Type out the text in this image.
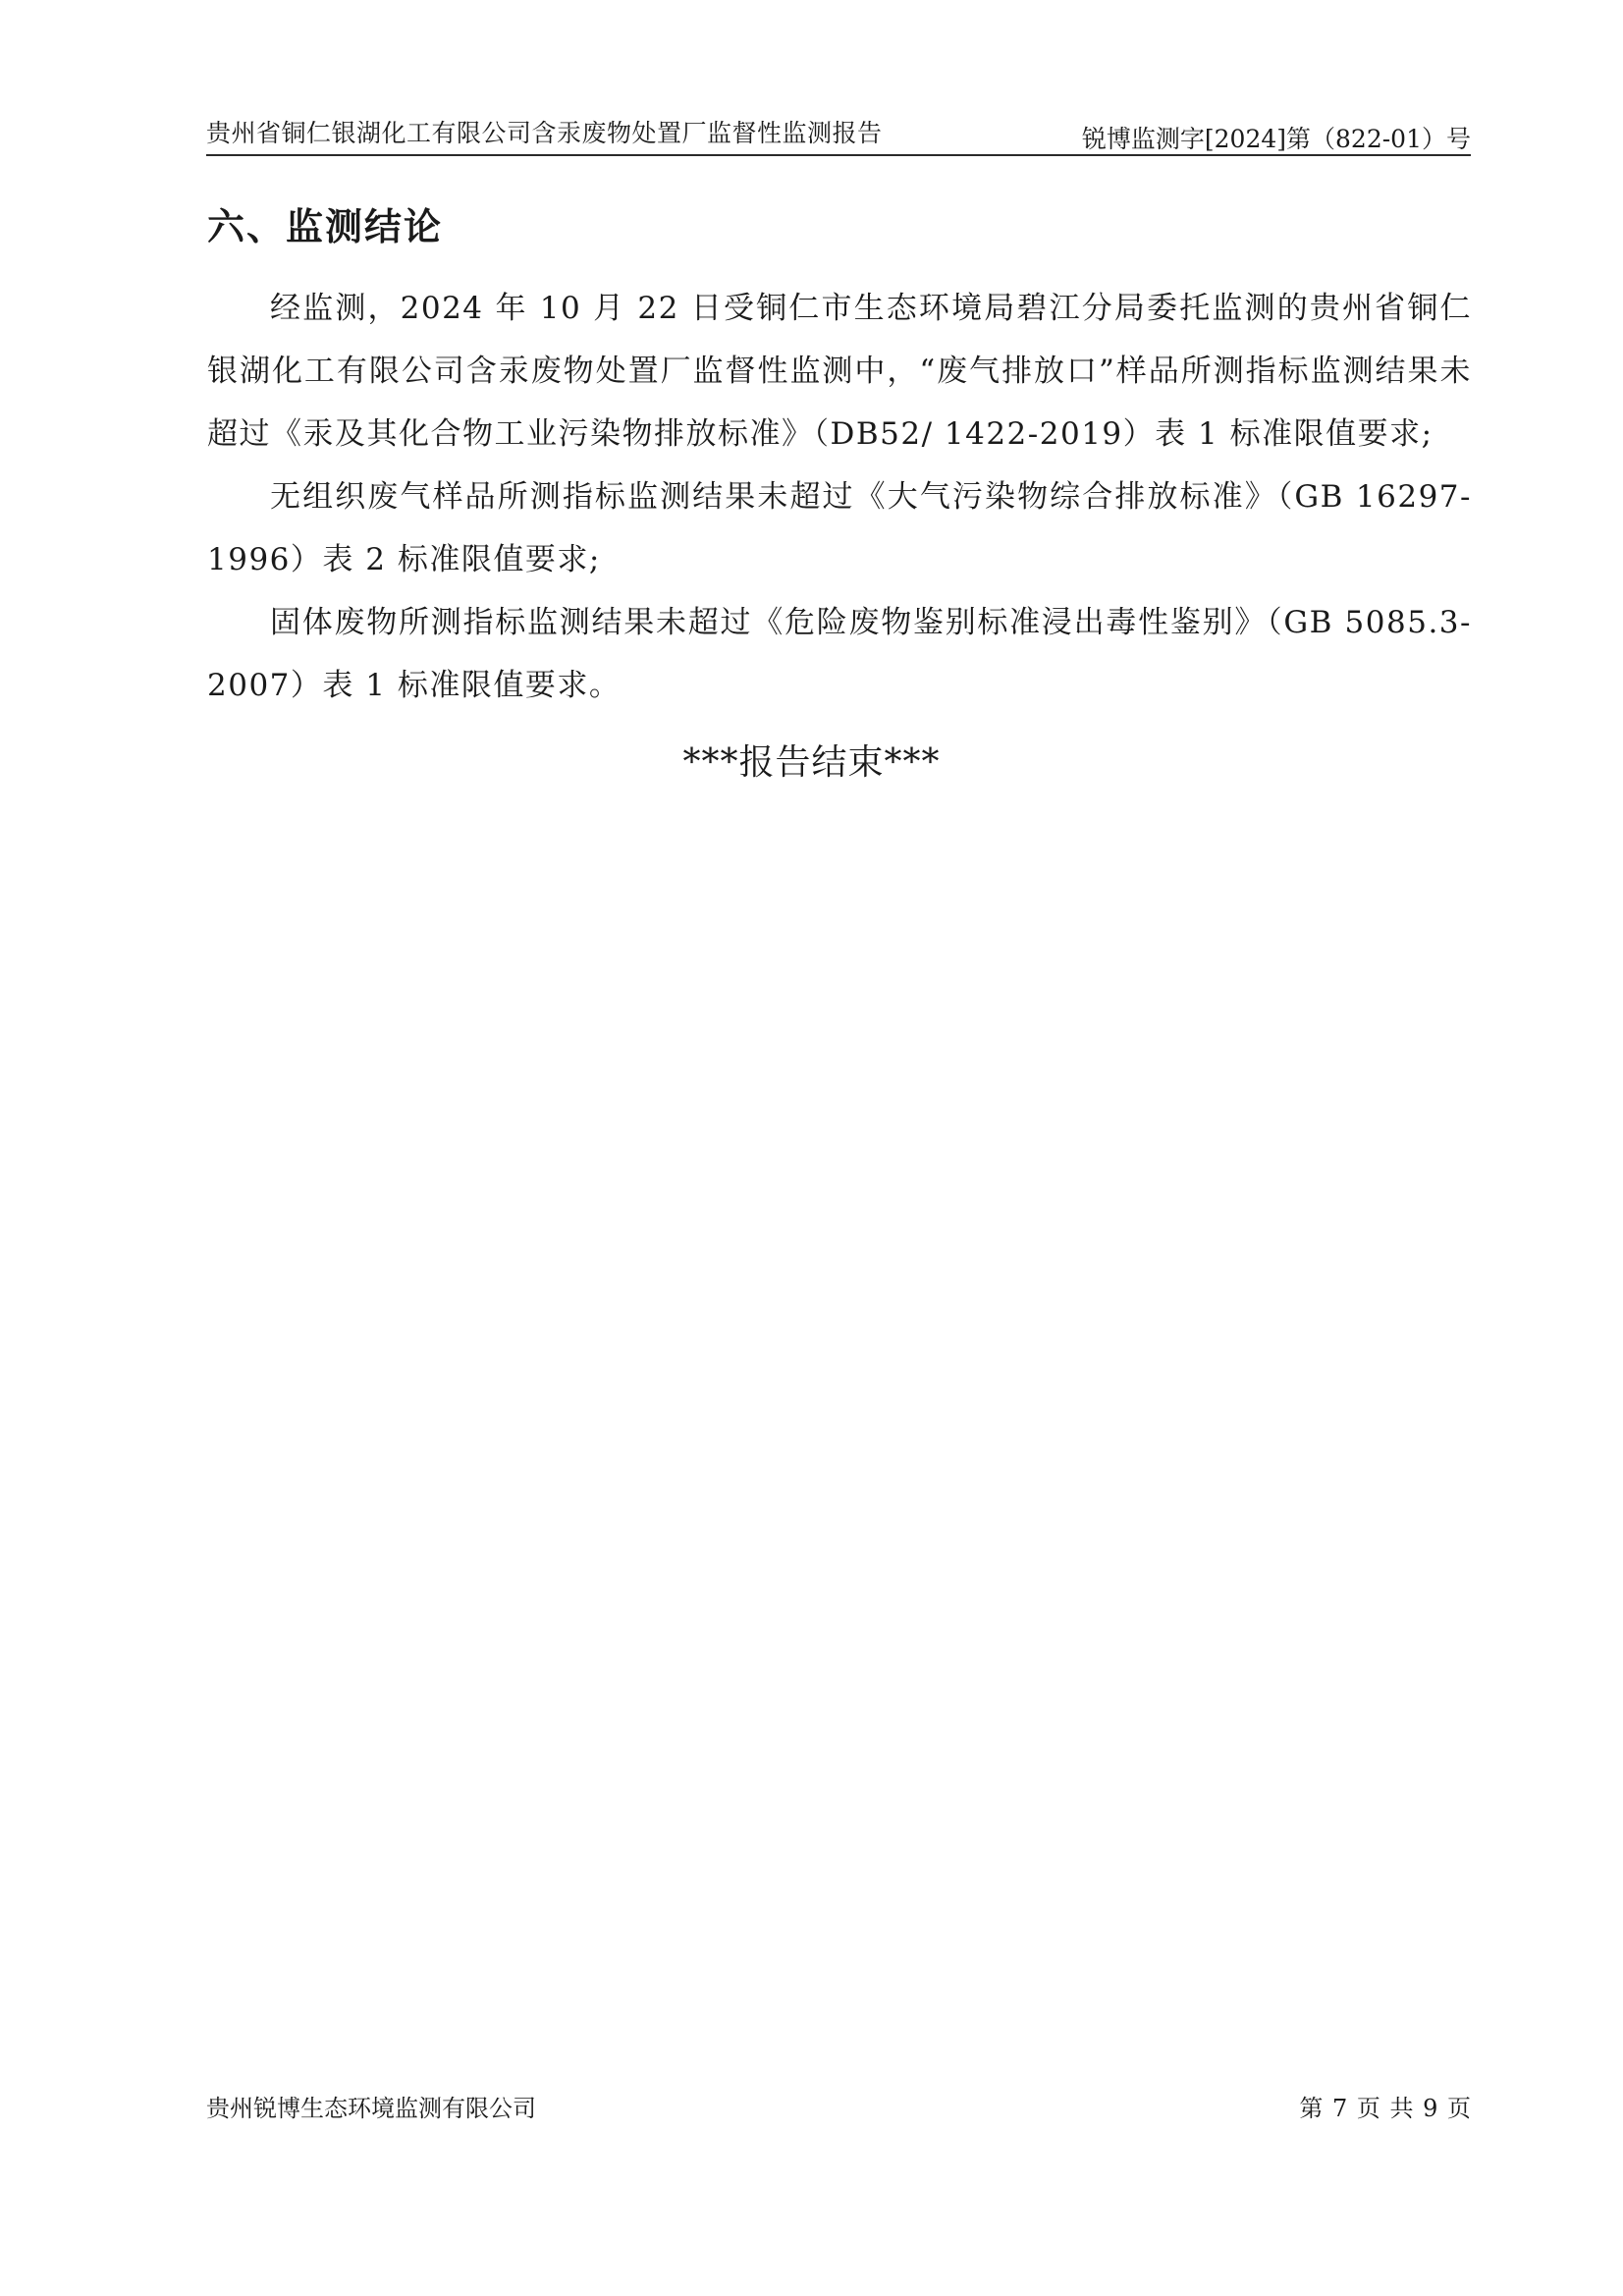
贵州省铜仁银湖化工有限公司含汞废物处置厂监督性监测报告	锐博监测字[2024]第（822-01）号
六、监测结论

经监测，2024 年 10 月 22 日受铜仁市生态环境局碧江分局委托监测的贵州省铜仁银湖化工有限公司含汞废物处置厂监督性监测中，“废气排放口”样品所测指标监测结果未超过《汞及其化合物工业污染物排放标准》（DB52/ 1422-2019）表 1 标准限值要求;

无组织废气样品所测指标监测结果未超过《大气污染物综合排放标准》（GB 16297-1996）表 2 标准限值要求;

固体废物所测指标监测结果未超过《危险废物鉴别标准浸出毒性鉴别》（GB 5085.3-2007）表 1 标准限值要求。

***报告结束***
贵州锐博生态环境监测有限公司	第 7 页 共 9 页
